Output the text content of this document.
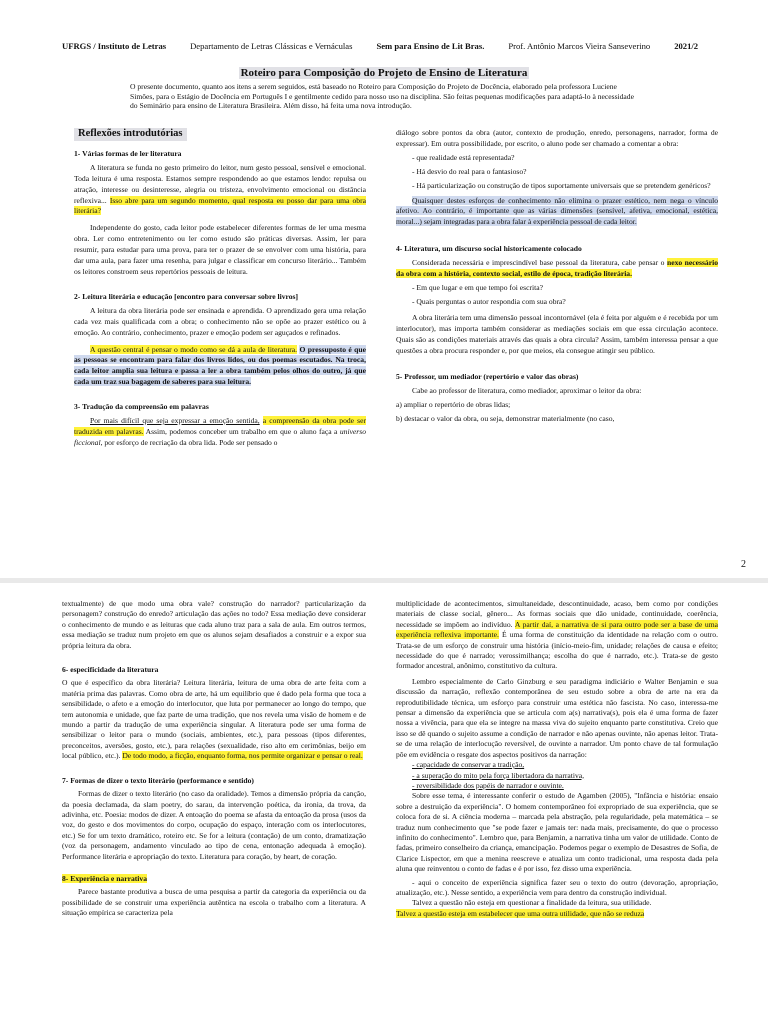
UFRGS / Instituto de Letras	Departamento de Letras Clássicas e Vernáculas	Sem para Ensino de Lit Bras.	Prof. Antônio Marcos Vieira Sanseverino	2021/2
Roteiro para Composição do Projeto de Ensino de Literatura
O presente documento, quanto aos itens a serem seguidos, está baseado no Roteiro para Composição do Projeto de Docência, elaborado pela professora Luciene Simões, para o Estágio de Docência em Português I e gentilmente cedido para nosso uso na disciplina. São feitas pequenas modificações para adaptá-lo à necessidade do Seminário para ensino de Literatura Brasileira. Além disso, há feita uma nova introdução.
Reflexões introdutórias

1- Várias formas de ler literatura

A literatura se funda no gesto primeiro do leitor, num gesto pessoal, sensível e emocional. Toda leitura é uma resposta. Estamos sempre respondendo ao que estamos lendo: repulsa ou atração, interesse ou desinteresse, alegria ou tristeza, envolvimento emocional ou distância reflexiva... Isso abre para um segundo momento, qual resposta eu posso dar para uma obra literária?

Independente do gosto, cada leitor pode estabelecer diferentes formas de ler uma mesma obra. Ler como entretenimento ou ler como estudo são práticas diversas. Assim, ler para resumir, para estudar para uma prova, para ter o prazer de se envolver com uma história, para dar uma aula, para fazer uma resenha, para julgar e classificar em concurso literário... Também os leitores constroem seus repertórios pessoais de leitura.

2- Leitura literária e educação [encontro para conversar sobre livros]

A leitura da obra literária pode ser ensinada e aprendida. O aprendizado gera uma relação cada vez mais qualificada com a obra; o conhecimento não se opõe ao prazer estético ou à emoção. Ao contrário, conhecimento, prazer e emoção podem ser aguçados e refinados.

A questão central é pensar o modo como se dá a aula de literatura. O pressuposto é que as pessoas se encontram para falar dos livros lidos, ou dos poemas escutados. Na troca, cada leitor amplia sua leitura e passa a ler a obra também pelos olhos do outro, já que cada um traz sua bagagem de saberes para sua leitura.

3- Tradução da compreensão em palavras

Por mais difícil que seja expressar a emoção sentida, a compreensão da obra pode ser traduzida em palavras. Assim, podemos conceber um trabalho em que o aluno faça a universo ficcional, por esforço de recriação da obra lida. Pode ser pensado o

diálogo sobre pontos da obra (autor, contexto de produção, enredo, personagens, narrador, forma de expressar). Em outra possibilidade, por escrito, o aluno pode ser chamado a comentar a obra:

- que realidade está representada?

- Há desvio do real para o fantasioso?

- Há particularização ou construção de tipos suportamente universais que se pretendem genéricos?

Quaisquer destes esforços de conhecimento não elimina o prazer estético, nem nega o vínculo afetivo. Ao contrário, é importante que as várias dimensões (sensível, afetiva, emocional, estética, moral...) sejam integradas para a obra falar à experiência pessoal de cada leitor.

4- Literatura, um discurso social historicamente colocado

Considerada necessária e imprescindível base pessoal da literatura, cabe pensar o nexo necessário da obra com a história, contexto social, estilo de época, tradição literária.

- Em que lugar e em que tempo foi escrita?

- Quais perguntas o autor respondia com sua obra?

A obra literária tem uma dimensão pessoal incontornável (ela é feita por alguém e é recebida por um interlocutor), mas importa também considerar as mediações sociais em que essa circulação acontece. Quais são as condições materiais através das quais a obra circula? Assim, também interessa pensar a que questões a obra procura responder e, por que meios, ela consegue atingir seu público.

5- Professor, um mediador (repertório e valor das obras)

Cabe ao professor de literatura, como mediador, aproximar o leitor da obra:

a) ampliar o repertório de obras lidas;

b) destacar o valor da obra, ou seja, demonstrar materialmente (no caso,

2

textualmente) de que modo uma obra vale? construção do narrador? particularização da personagem? construção do enredo? articulação das ações no todo? Essa mediação deve considerar o conhecimento de mundo e as leituras que cada aluno traz para a sala de aula. Em outros termos, essa mediação se traduz num projeto em que os alunos sejam desafiados a construir e a expor sua própria leitura da obra.

6- especificidade da literatura

O que é específico da obra literária? Leitura literária, leitura de uma obra de arte feita com a matéria prima das palavras. Como obra de arte, há um equilíbrio que é dado pela forma que toca a sensibilidade, o afeto e a emoção do interlocutor, que luta por permanecer ao longo do tempo, que tem autonomia e unidade, que faz parte de uma tradição, que nos revela uma visão de homem e de mundo a partir da tradução de uma experiência singular. A literatura pode ser uma forma de sensibilizar o leitor para o mundo (sociais, ambientes, etc.), para pessoas (tipos diferentes, preconceitos, aversões, gosto, etc.), para relações (sexualidade, riso alto em cerimônias, beijo em local público, etc.). De todo modo, a ficção, enquanto forma, nos permite organizar e pensar o real.

7- Formas de dizer o texto literário (performance e sentido)

Formas de dizer o texto literário (no caso da oralidade). Temos a dimensão própria da canção, da poesia declamada, da slam poetry, do sarau, da intervenção poética, da ironia, da trova, da adivinha, etc. Poesia: modos de dizer. A entoação do poema se afasta da entoação da prosa (usos da voz, do gesto e dos movimentos do corpo, ocupação do espaço, interação com os interlocutores, etc.) Se for um texto dramático, roteiro etc. Se for a leitura (contação) de um conto, dramatização (voz da personagem, andamento vinculado ao tipo de cena, entonação adequada à emoção). Performance literária e apropriação do texto. Literatura para coração, by heart, de coração.

8- Experiência e narrativa

Parece bastante produtiva a busca de uma pesquisa a partir da categoria da experiência ou da possibilidade de se construir uma experiência autêntica na escola o trabalho com a literatura. A situação empírica se caracteriza pela

multiplicidade de acontecimentos, simultaneidade, descontinuidade, acaso, bem como por condições materiais de classe social, gênero... As formas sociais que dão unidade, continuidade, coerência, necessidade se impõem ao indivíduo. A partir daí, a narrativa de si para outro pode ser a base de uma experiência reflexiva importante. É uma forma de constituição da identidade na relação com o outro. Trata-se de um esforço de construir uma história (início-meio-fim, unidade; relações de causa e efeito; necessidade do que é narrado; verossimilhança; escolha do que é narrado, etc.). Trata-se de gesto formador ancestral, anônimo, constitutivo da cultura.

Lembro especialmente de Carlo Ginzburg e seu paradigma indiciário e Walter Benjamin e sua discussão da narração, reflexão contemporânea de seu estudo sobre a obra de arte na era da reprodutibilidade técnica, um esforço para construir uma estética não fascista. No caso, interessa-me pensar a dimensão da experiência que se articula com a(s) narrativa(s), pois ela é uma forma de fazer nossa a vivência, para que ela se integre na massa viva do sujeito enquanto parte constitutiva. Creio que isso se dê quando o sujeito assume a condição de narrador e não apenas ouvinte, não apenas leitor. Trata-se de uma relação de interlocução reversível, de ouvinte a narrador. Um ponto chave de tal formulação põe em evidência o resgate dos aspectos positivos da narração:

- capacidade de conservar a tradição,

- a superação do mito pela força libertadora da narrativa,

- reversibilidade dos papéis de narrador e ouvinte.

Sobre esse tema, é interessante conferir o estudo de Agamben (2005), "Infância e história: ensaio sobre a destruição da experiência". O homem contemporâneo foi expropriado de sua experiência, que se coloca fora de si. A ciência moderna – marcada pela abstração, pela regularidade, pela matemática – se traduz num conhecimento que "se pode fazer e jamais ter: nada mais, precisamente, do que o processo infinito do conhecimento". Lembro que, para Benjamin, a narrativa tinha um valor de utilidade. Conto de fadas, primeiro conselheiro da criança, emancipação. Podemos pegar o exemplo de Desastres de Sofia, de Clarice Lispector, em que a menina reescreve e atualiza um conto tradicional, uma resposta dada pela aluna que reinventou o conto de fadas e é por isso, fez disso uma experiência.

- aqui o conceito de experiência significa fazer seu o texto do outro (devoração, apropriação, atualização, etc.). Nesse sentido, a experiência vem para dentro da construção individual.

Talvez a questão não esteja em questionar a finalidade da leitura, sua utilidade.

Talvez a questão esteja em estabelecer que uma outra utilidade, que não se reduza
